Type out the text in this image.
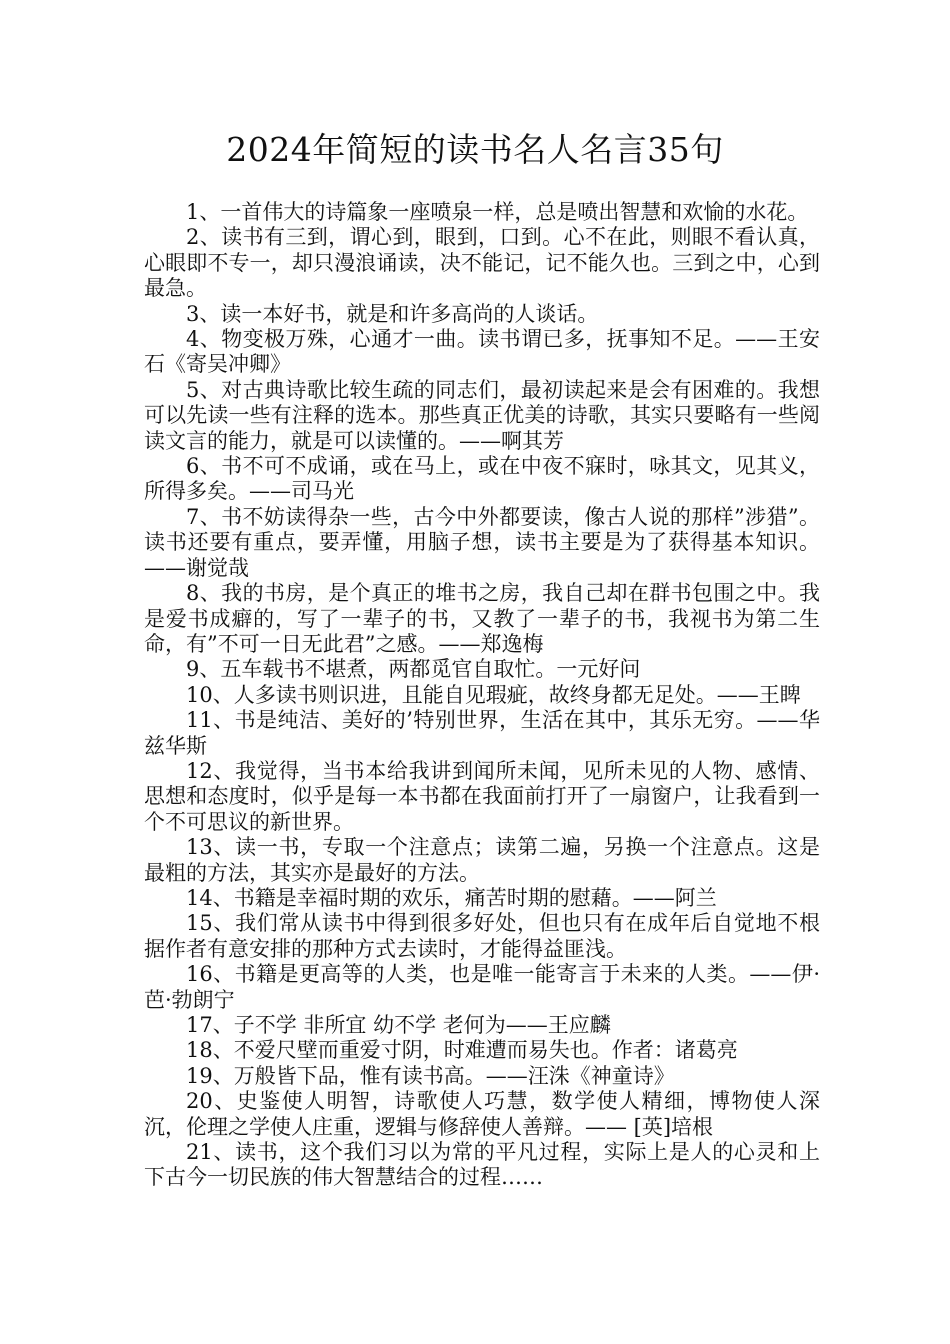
2024年简短的读书名人名言35句

1、一首伟大的诗篇象一座喷泉一样，总是喷出智慧和欢愉的水花。

2、读书有三到，谓心到，眼到，口到。心不在此，则眼不看认真，心眼即不专一，却只漫浪诵读，决不能记，记不能久也。三到之中，心到最急。

3、读一本好书，就是和许多高尚的人谈话。

4、物变极万殊，心通才一曲。读书谓已多，抚事知不足。——王安石《寄吴冲卿》

5、对古典诗歌比较生疏的同志们，最初读起来是会有困难的。我想可以先读一些有注释的选本。那些真正优美的诗歌，其实只要略有一些阅读文言的能力，就是可以读懂的。——啊其芳

6、书不可不成诵，或在马上，或在中夜不寐时，咏其文，见其义，所得多矣。——司马光

7、书不妨读得杂一些，古今中外都要读，像古人说的那样”涉猎”。读书还要有重点，要弄懂，用脑子想，读书主要是为了获得基本知识。——谢觉哉

8、我的书房，是个真正的堆书之房，我自己却在群书包围之中。我是爱书成癖的，写了一辈子的书，又教了一辈子的书，我视书为第二生命，有”不可一日无此君”之感。——郑逸梅

9、五车载书不堪煮，两都觅官自取忙。一元好问

10、人多读书则识进，且能自见瑕疵，故终身都无足处。——王睥

11、书是纯洁、美好的’特别世界，生活在其中，其乐无穷。——华兹华斯

12、我觉得，当书本给我讲到闻所未闻，见所未见的人物、感情、思想和态度时，似乎是每一本书都在我面前打开了一扇窗户，让我看到一个不可思议的新世界。

13、读一书，专取一个注意点；读第二遍，另换一个注意点。这是最粗的方法，其实亦是最好的方法。

14、书籍是幸福时期的欢乐，痛苦时期的慰藉。——阿兰

15、我们常从读书中得到很多好处，但也只有在成年后自觉地不根据作者有意安排的那种方式去读时，才能得益匪浅。

16、书籍是更高等的人类，也是唯一能寄言于未来的人类。——伊·芭·勃朗宁

17、子不学 非所宜 幼不学 老何为——王应麟

18、不爱尺壁而重爱寸阴，时难遭而易失也。作者：诸葛亮

19、万般皆下品，惟有读书高。——汪洙《神童诗》

20、史鉴使人明智，诗歌使人巧慧，数学使人精细，博物使人深沉，伦理之学使人庄重，逻辑与修辞使人善辩。—— [英]培根

21、读书，这个我们习以为常的平凡过程，实际上是人的心灵和上下古今一切民族的伟大智慧结合的过程……
